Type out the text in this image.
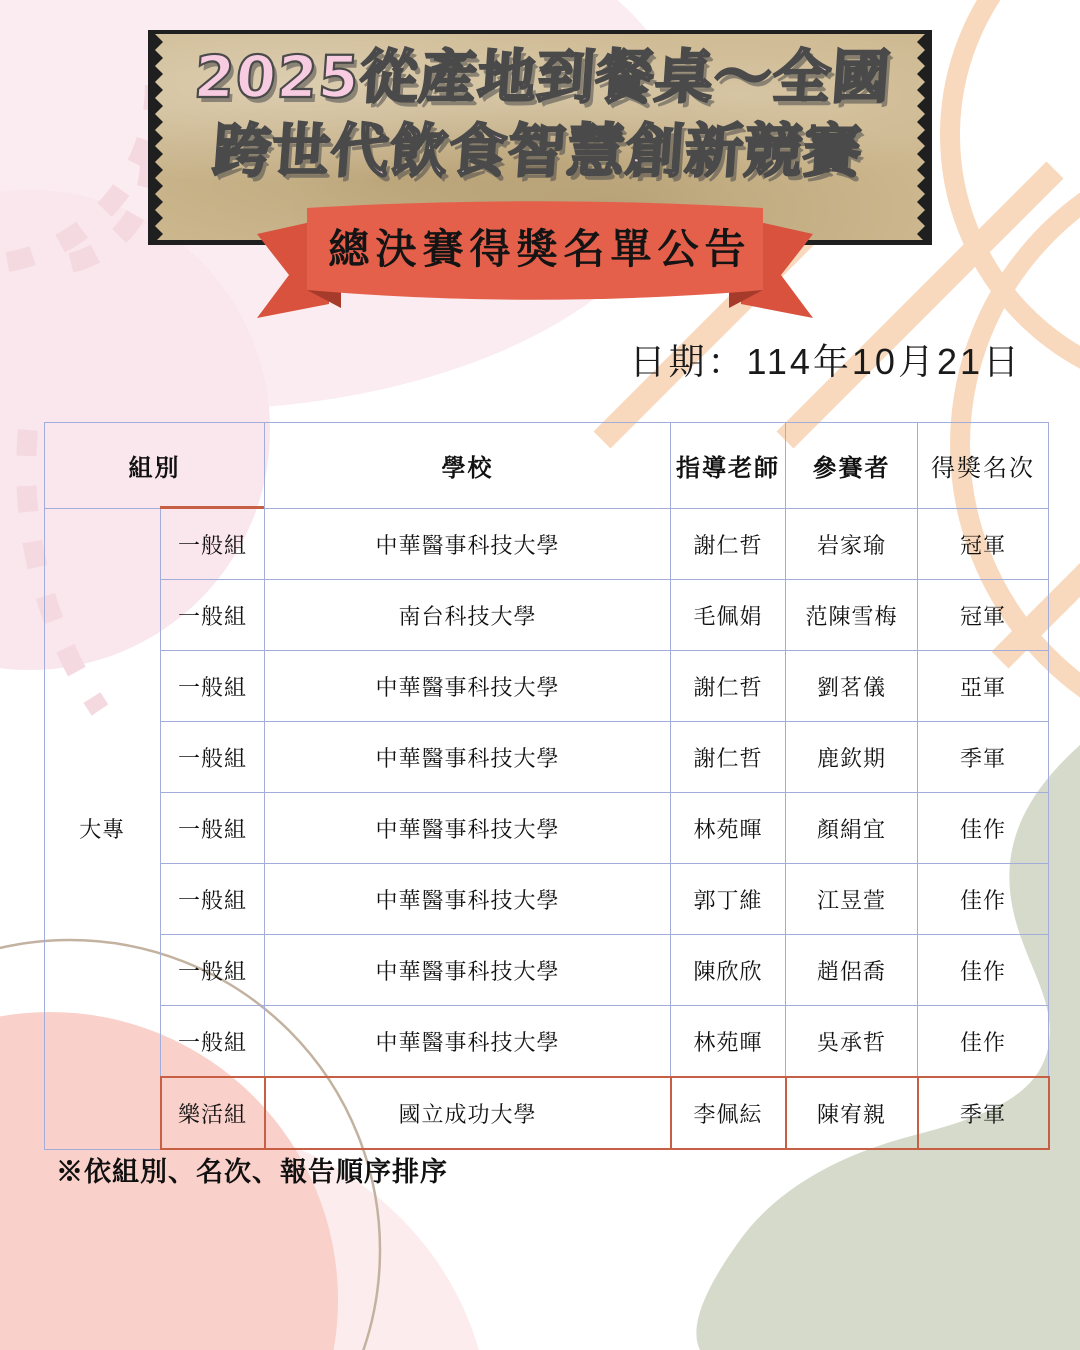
2025從產地到餐桌～全國
跨世代飲食智慧創新競賽
總決賽得獎名單公告
日期：114年10月21日
組別		學校	指導老師	參賽者	得獎名次
大專	一般組	中華醫事科技大學	謝仁哲	岩家瑜	冠軍
	一般組	南台科技大學	毛佩娟	范陳雪梅	冠軍
	一般組	中華醫事科技大學	謝仁哲	劉茗儀	亞軍
	一般組	中華醫事科技大學	謝仁哲	鹿欽期	季軍
	一般組	中華醫事科技大學	林苑暉	顏絹宜	佳作
	一般組	中華醫事科技大學	郭丁維	江昱萱	佳作
	一般組	中華醫事科技大學	陳欣欣	趙侶喬	佳作
	一般組	中華醫事科技大學	林苑暉	吳承哲	佳作
	樂活組	國立成功大學	李佩紜	陳宥親	季軍
※依組別、名次、報告順序排序
